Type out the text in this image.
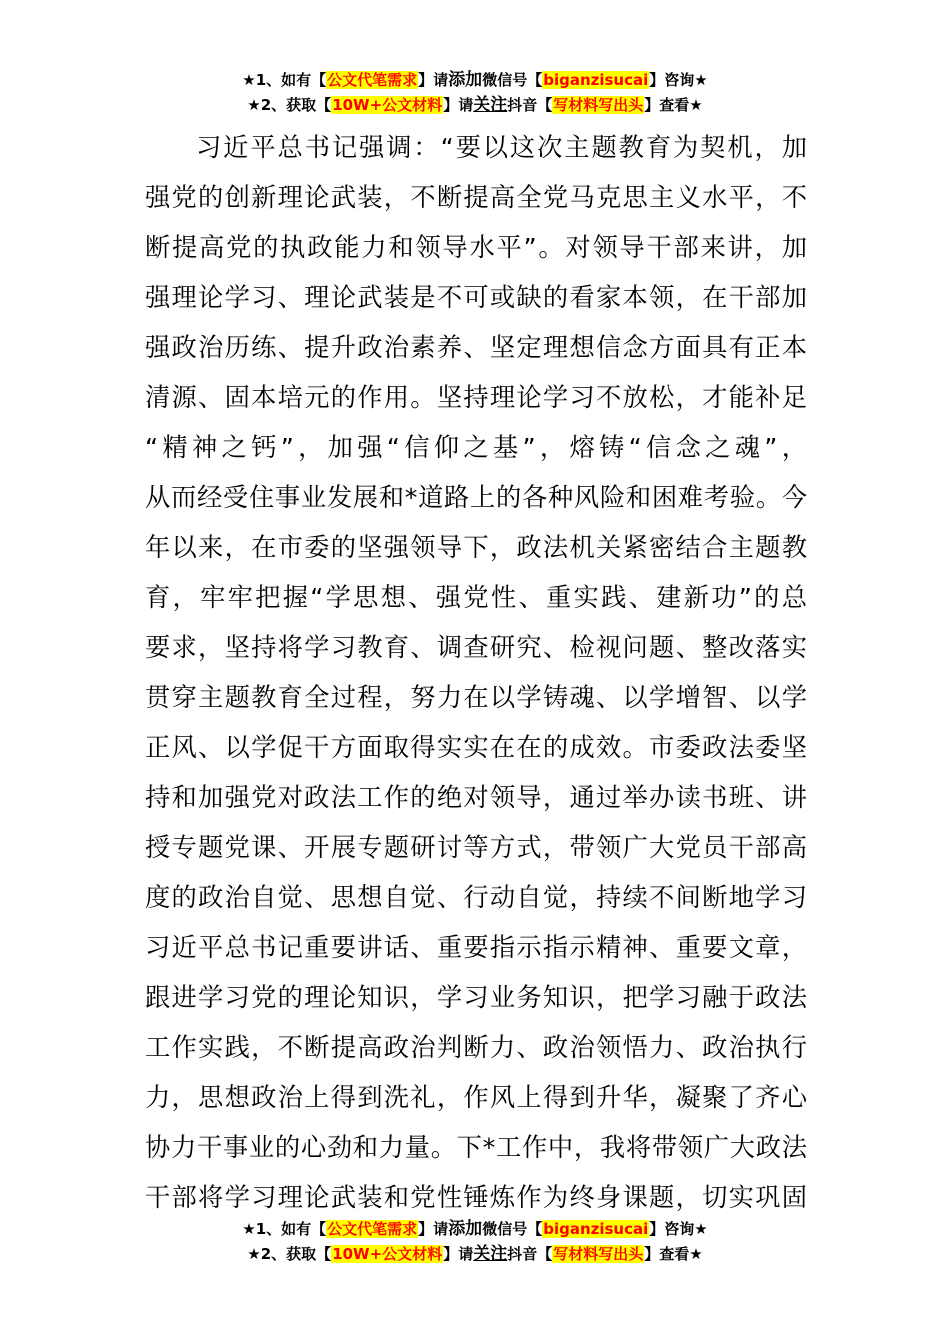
★1、如有【公文代笔需求】请添加微信号【biganzisucai】咨询★
★2、获取【10W+公文材料】请关注抖音【写材料写出头】查看★
习近平总书记强调：“要以这次主题教育为契机，加
强党的创新理论武装，不断提高全党马克思主义水平，不
断提高党的执政能力和领导水平”。对领导干部来讲，加
强理论学习、理论武装是不可或缺的看家本领，在干部加
强政治历练、提升政治素养、坚定理想信念方面具有正本
清源、固本培元的作用。坚持理论学习不放松，才能补足
“精神之钙”，加强“信仰之基”，熔铸“信念之魂”，
从而经受住事业发展和*道路上的各种风险和困难考验。今
年以来，在市委的坚强领导下，政法机关紧密结合主题教
育，牢牢把握“学思想、强党性、重实践、建新功”的总
要求，坚持将学习教育、调查研究、检视问题、整改落实
贯穿主题教育全过程，努力在以学铸魂、以学增智、以学
正风、以学促干方面取得实实在在的成效。市委政法委坚
持和加强党对政法工作的绝对领导，通过举办读书班、讲
授专题党课、开展专题研讨等方式，带领广大党员干部高
度的政治自觉、思想自觉、行动自觉，持续不间断地学习
习近平总书记重要讲话、重要指示指示精神、重要文章，
跟进学习党的理论知识，学习业务知识，把学习融于政法
工作实践，不断提高政治判断力、政治领悟力、政治执行
力，思想政治上得到洗礼，作风上得到升华，凝聚了齐心
协力干事业的心劲和力量。下*工作中，我将带领广大政法
干部将学习理论武装和党性锤炼作为终身课题，切实巩固
★1、如有【公文代笔需求】请添加微信号【biganzisucai】咨询★
★2、获取【10W+公文材料】请关注抖音【写材料写出头】查看★
